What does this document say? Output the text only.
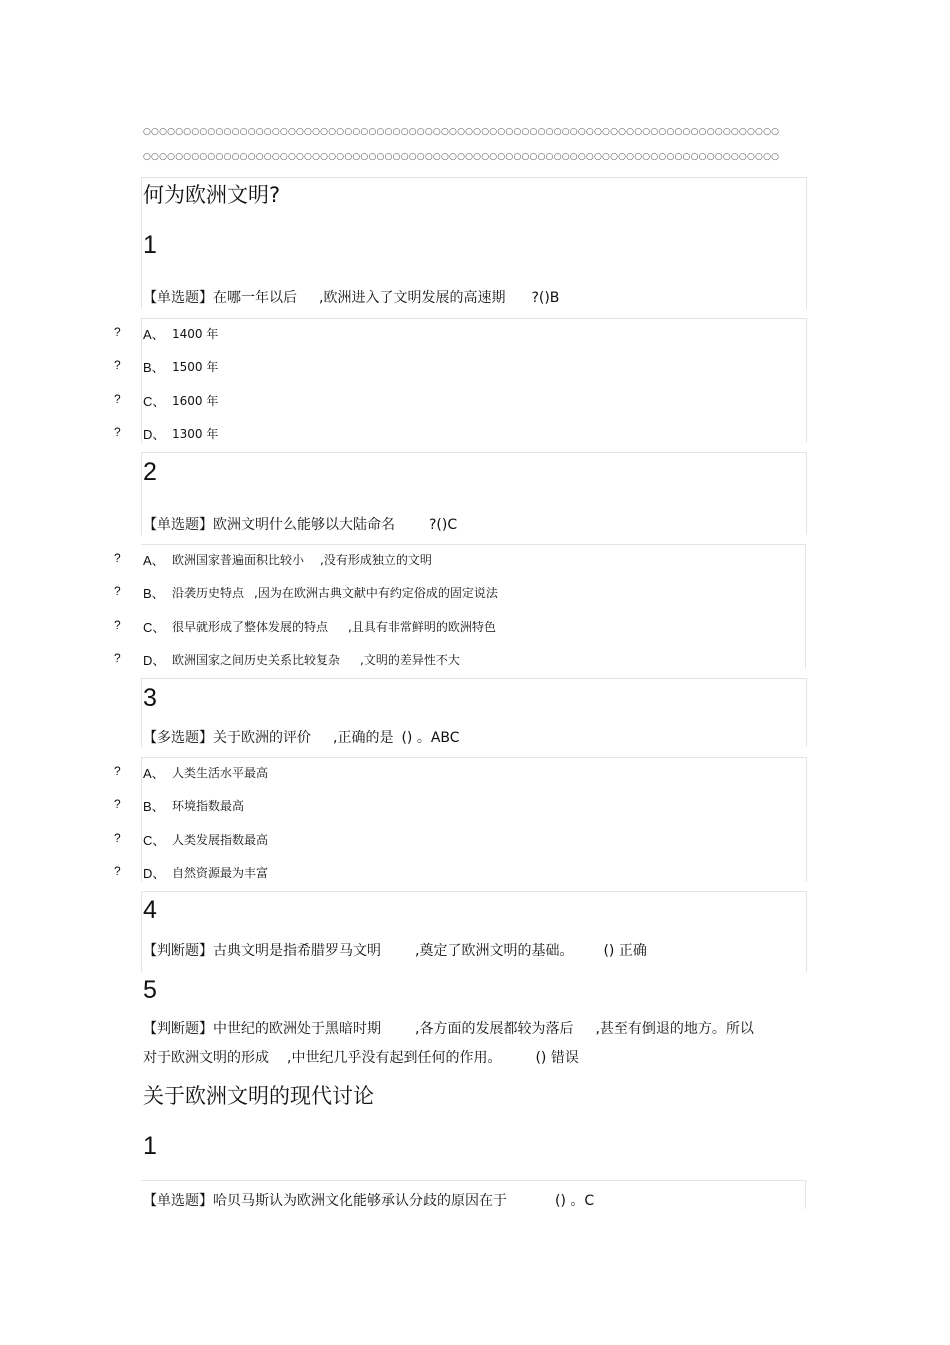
○○○○○○○○○○○○○○○○○○○○○○○○○○○○○○○○○○○○○○○○○○○○○○○○○○○○○○○○○○○○○○○○○○○○○○○○○○○○○○○
○○○○○○○○○○○○○○○○○○○○○○○○○○○○○○○○○○○○○○○○○○○○○○○○○○○○○○○○○○○○○○○○○○○○○○○○○○○○○○○
何为欧洲文明?
1
【单选题】在哪一年以后 ,欧洲进入了文明发展的高速期 ?()B
? A、 1400 年
? B、 1500 年
? C、 1600 年
? D、 1300 年
2
【单选题】欧洲文明什么能够以大陆命名 ?()C
? A、 欧洲国家普遍面积比较小 ,没有形成独立的文明
? B、 沿袭历史特点 ,因为在欧洲古典文献中有约定俗成的固定说法
? C、 很早就形成了整体发展的特点 ,且具有非常鲜明的欧洲特色
? D、 欧洲国家之间历史关系比较复杂 ,文明的差异性不大
3
【多选题】关于欧洲的评价 ,正确的是 () 。ABC
? A、 人类生活水平最高
? B、 环境指数最高
? C、 人类发展指数最高
? D、 自然资源最为丰富
4
【判断题】古典文明是指希腊罗马文明 ,奠定了欧洲文明的基础。 () 正确
5
【判断题】中世纪的欧洲处于黑暗时期 ,各方面的发展都较为落后 ,甚至有倒退的地方。所以
对于欧洲文明的形成 ,中世纪几乎没有起到任何的作用。 () 错误
关于欧洲文明的现代讨论
1
【单选题】哈贝马斯认为欧洲文化能够承认分歧的原因在于	() 。C
